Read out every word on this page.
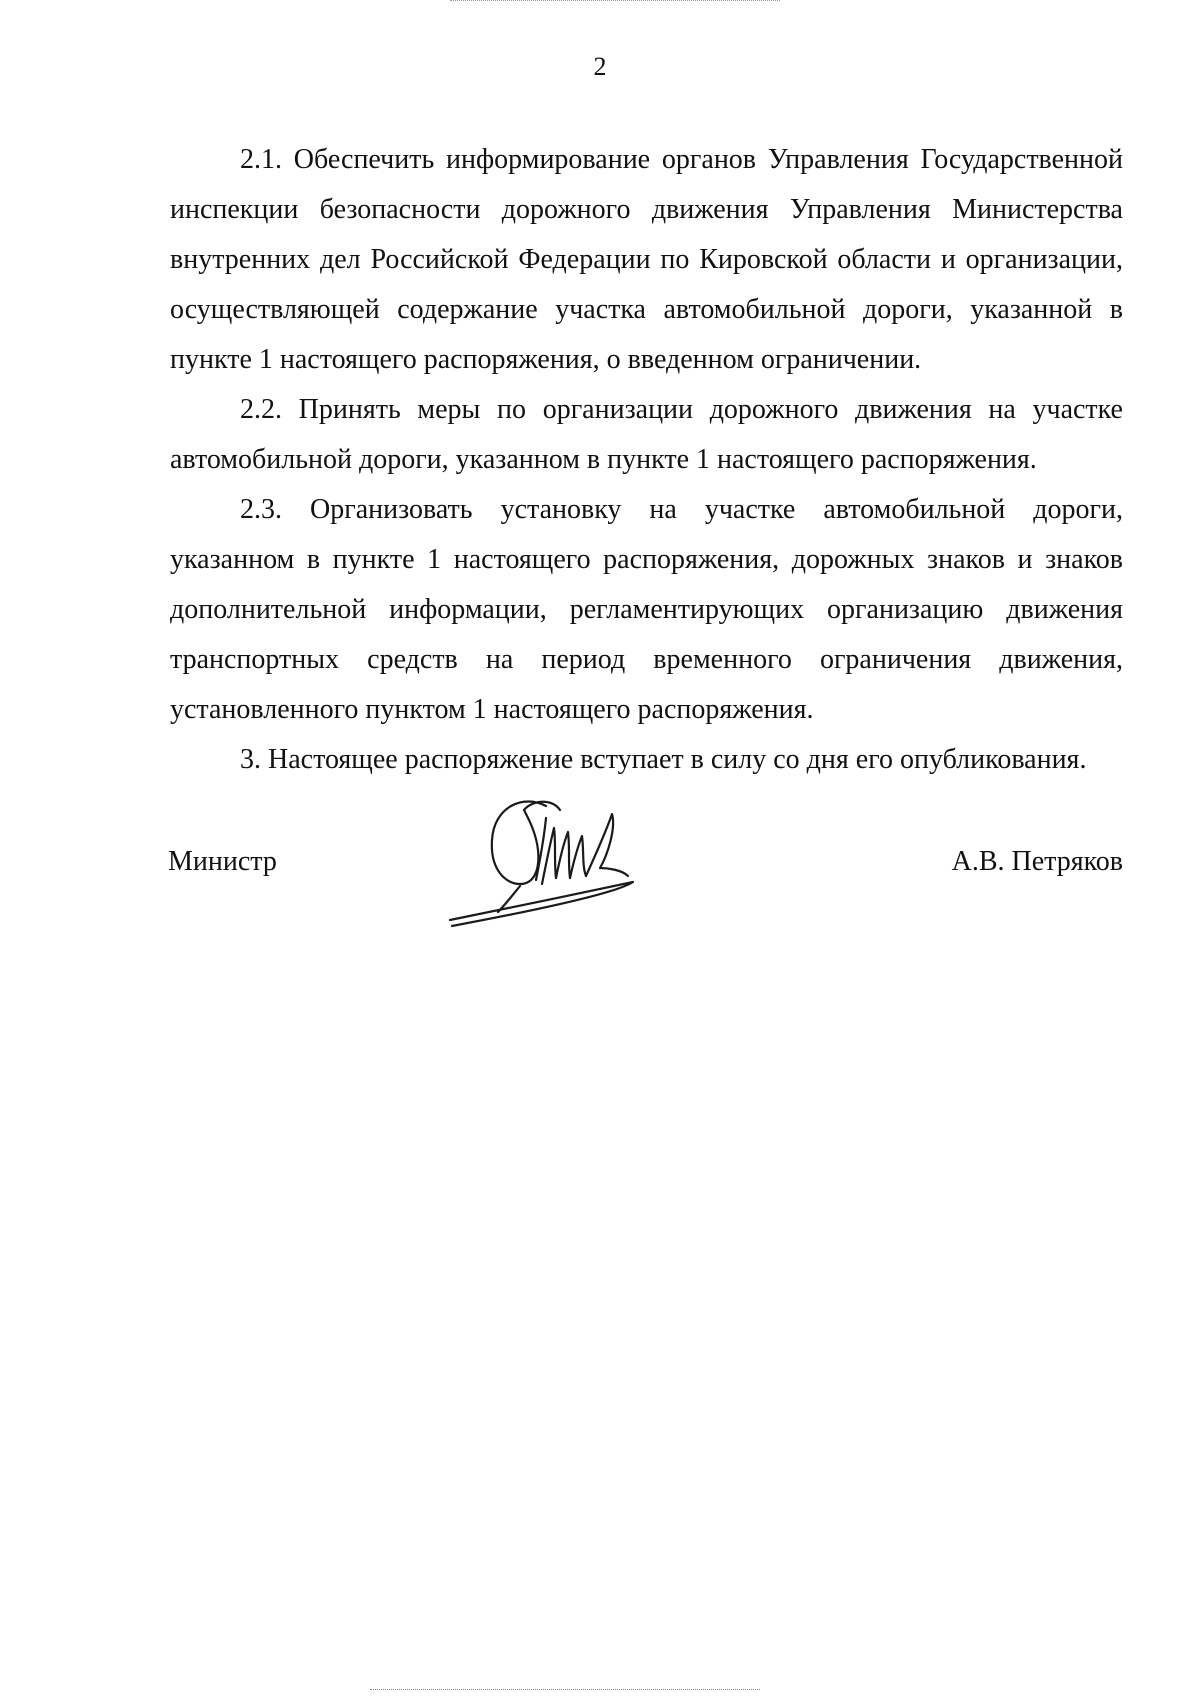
2

2.1. Обеспечить информирование органов Управления Государственной инспекции безопасности дорожного движения Управления Министерства внутренних дел Российской Федерации по Кировской области и организации, осуществляющей содержание участка автомобильной дороги, указанной в пункте 1 настоящего распоряжения, о введенном ограничении.

2.2. Принять меры по организации дорожного движения на участке автомобильной дороги, указанном в пункте 1 настоящего распоряжения.

2.3. Организовать установку на участке автомобильной дороги, указанном в пункте 1 настоящего распоряжения, дорожных знаков и знаков дополнительной информации, регламентирующих организацию движения транспортных средств на период временного ограничения движения, установленного пунктом 1 настоящего распоряжения.

3. Настоящее распоряжение вступает в силу со дня его опубликования.

Министр	А.В. Петряков
